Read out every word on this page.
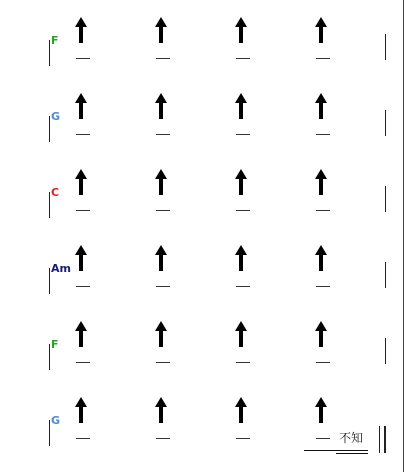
不知
F
G
C
Am
F
G
